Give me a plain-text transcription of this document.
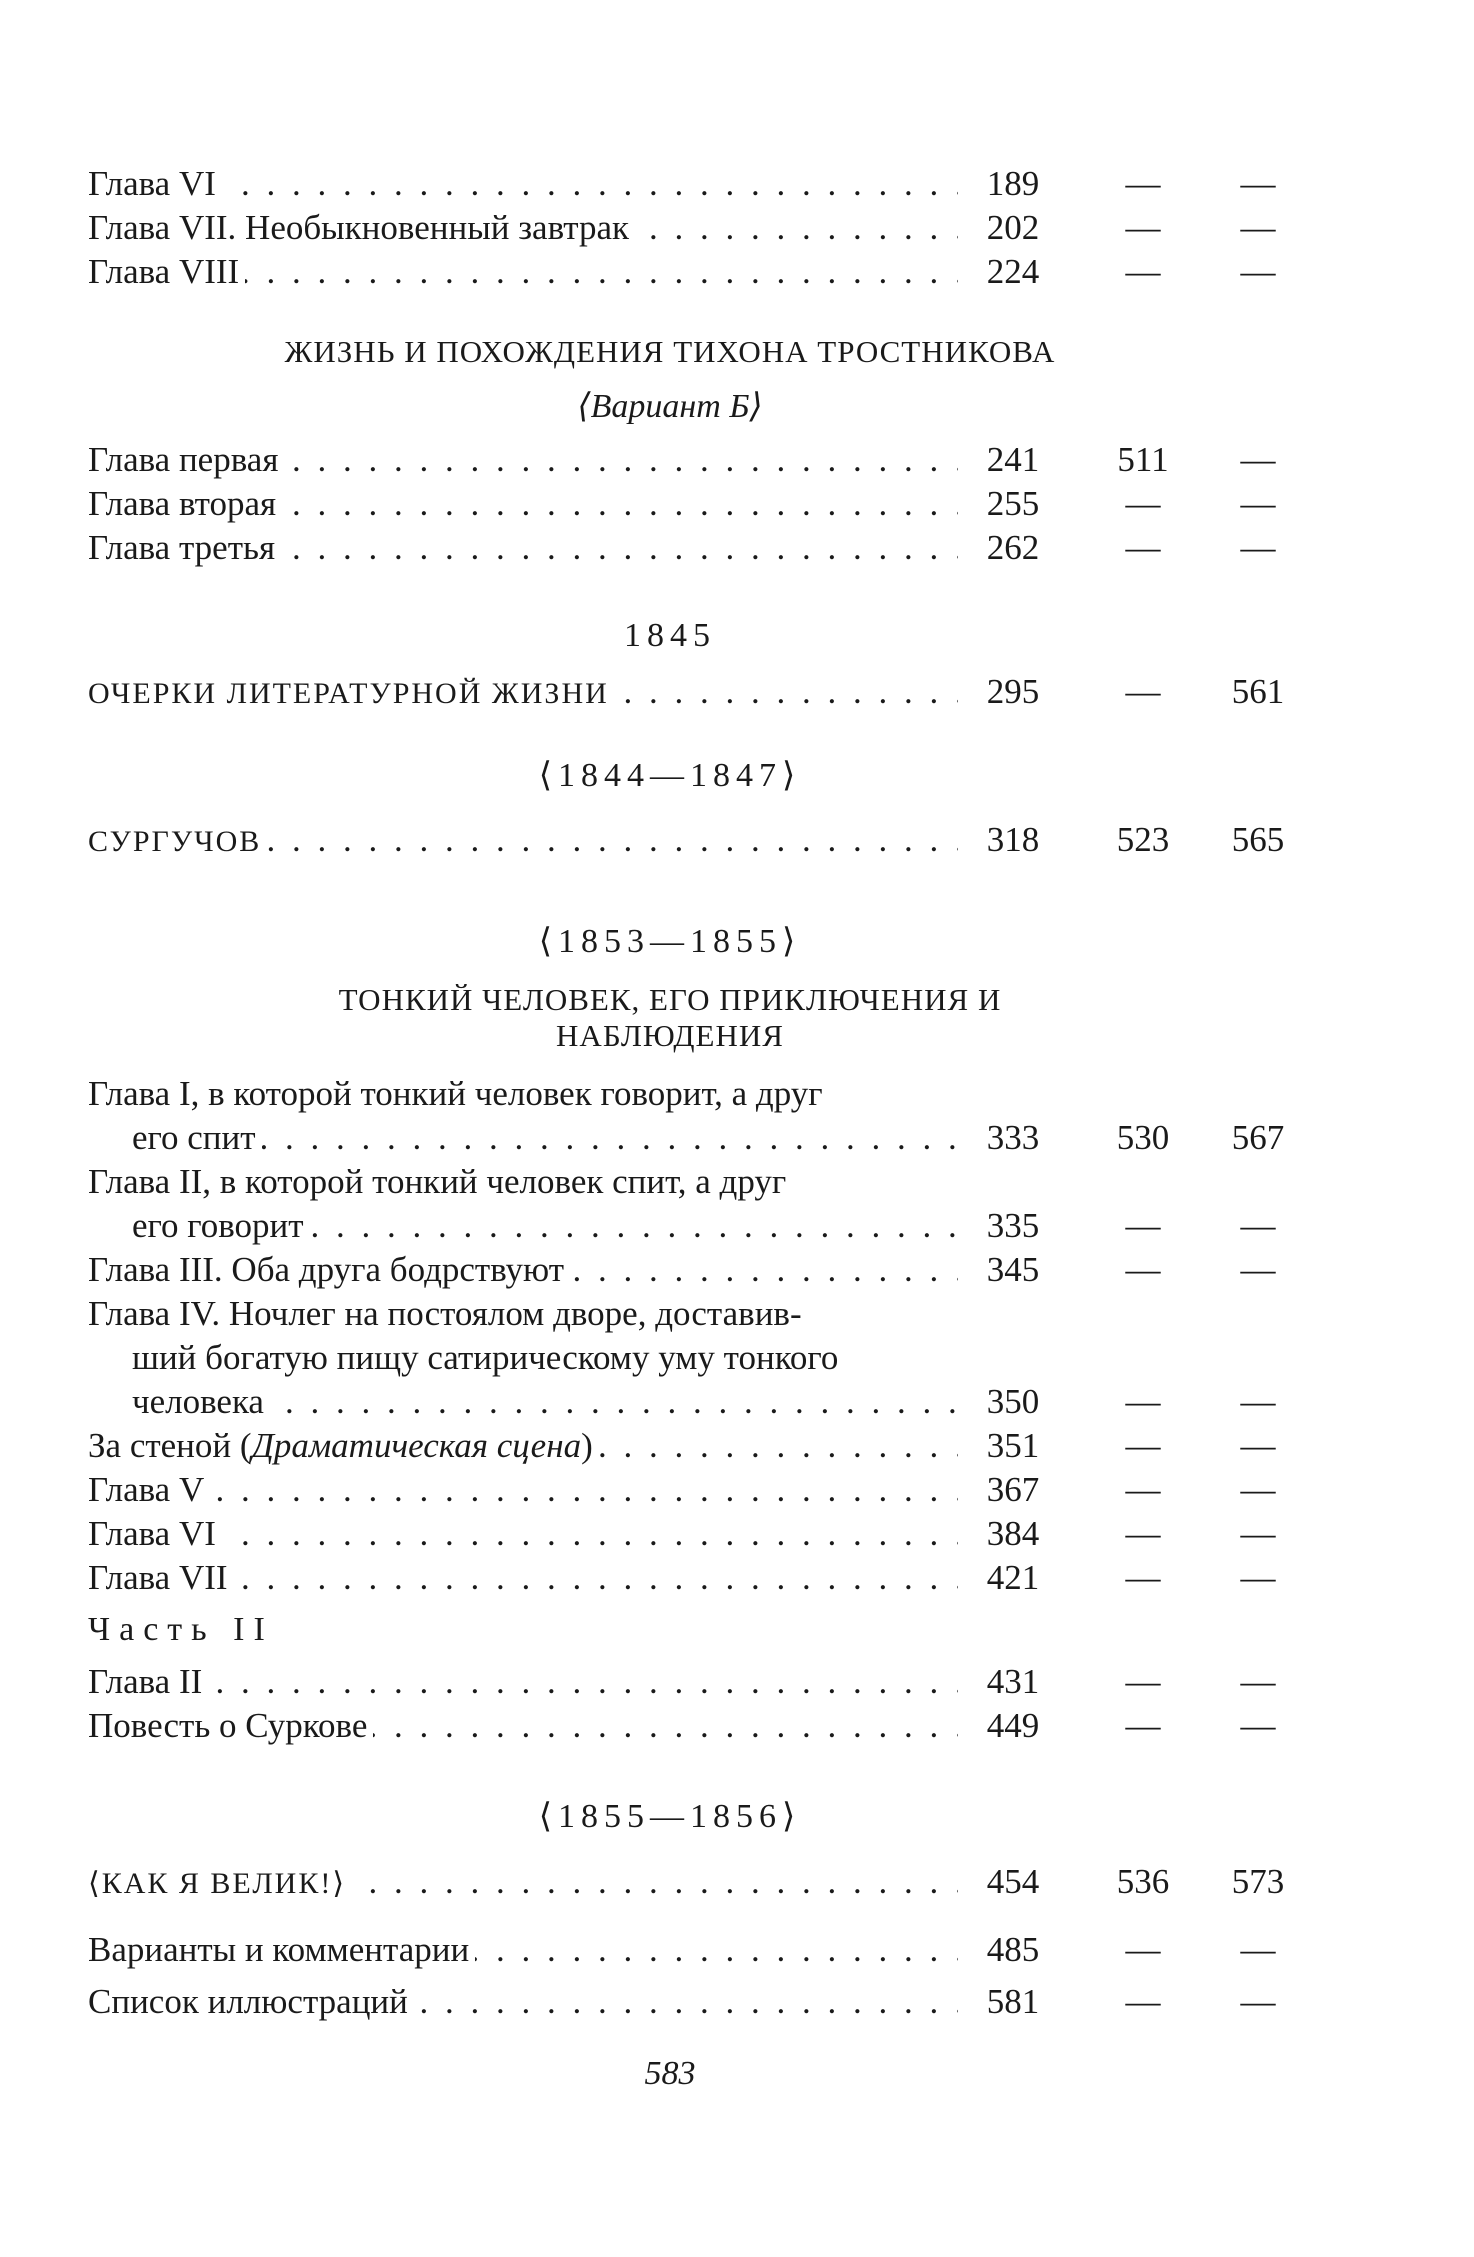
Глава VI . . .	189	—	—
Глава VII. Необыкновенный завтрак . . .	202	—	—
Глава VIII . . .	224	—	—
ЖИЗНЬ И ПОХОЖДЕНИЯ ТИХОНА ТРОСТНИКОВА
⟨Вариант Б⟩
Глава первая . . .	241	511	—
Глава вторая . . .	255	—	—
Глава третья . . .	262	—	—
1845
ОЧЕРКИ ЛИТЕРАТУРНОЙ ЖИЗНИ . . .	295	—	561
⟨1844—1847⟩
СУРГУЧОВ . . .	318	523	565
⟨1853—1855⟩
ТОНКИЙ ЧЕЛОВЕК, ЕГО ПРИКЛЮЧЕНИЯ И
НАБЛЮДЕНИЯ
Глава I, в которой тонкий человек говорит, а друг
его спит . . .	333	530	567
Глава II, в которой тонкий человек спит, а друг
его говорит . . .	335	—	—
Глава III. Оба друга бодрствуют . . .	345	—	—
Глава IV. Ночлег на постоялом дворе, доставив-
ший богатую пищу сатирическому уму тонкого
человека . . .	350	—	—
За стеной (Драматическая сцена) . . .	351	—	—
Глава V . . .	367	—	—
Глава VI . . .	384	—	—
Глава VII . . .	421	—	—
Часть II
Глава II . . .	431	—	—
Повесть о Суркове . . .	449	—	—
⟨1855—1856⟩
⟨КАК Я ВЕЛИК!⟩ . . .	454	536	573
Варианты и комментарии . . .	485	—	—
Список иллюстраций . . .	581	—	—
583
